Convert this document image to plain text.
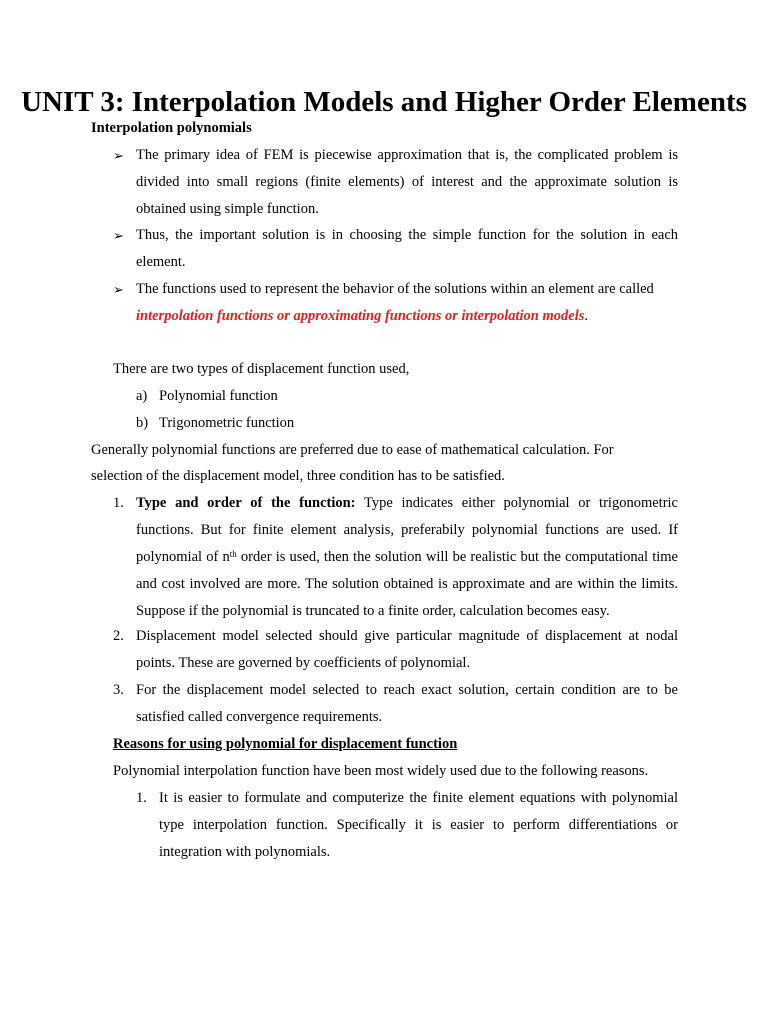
UNIT 3: Interpolation Models and Higher Order Elements
Interpolation polynomials
➢ The primary idea of FEM is piecewise approximation that is, the complicated problem is divided into small regions (finite elements) of interest and the approximate solution is obtained using simple function.
➢ Thus, the important solution is in choosing the simple function for the solution in each element.
➢ The functions used to represent the behavior of the solutions within an element are called
interpolation functions or approximating functions or interpolation models.
There are two types of displacement function used,
a) Polynomial function
b) Trigonometric function
Generally polynomial functions are preferred due to ease of mathematical calculation. For
selection of the displacement model, three condition has to be satisfied.
1. Type and order of the function: Type indicates either polynomial or trigonometric functions. But for finite element analysis, preferabily polynomial functions are used. If polynomial of $n^{th}$ order is used, then the solution will be realistic but the computational time and cost involved are more. The solution obtained is approximate and are within the limits. Suppose if the polynomial is truncated to a finite order, calculation becomes easy.
2. Displacement model selected should give particular magnitude of displacement at nodal points. These are governed by coefficients of polynomial.
3. For the displacement model selected to reach exact solution, certain condition are to be satisfied called convergence requirements.
Reasons for using polynomial for displacement function
Polynomial interpolation function have been most widely used due to the following reasons.
1. It is easier to formulate and computerize the finite element equations with polynomial type interpolation function. Specifically it is easier to perform differentiations or integration with polynomials.
